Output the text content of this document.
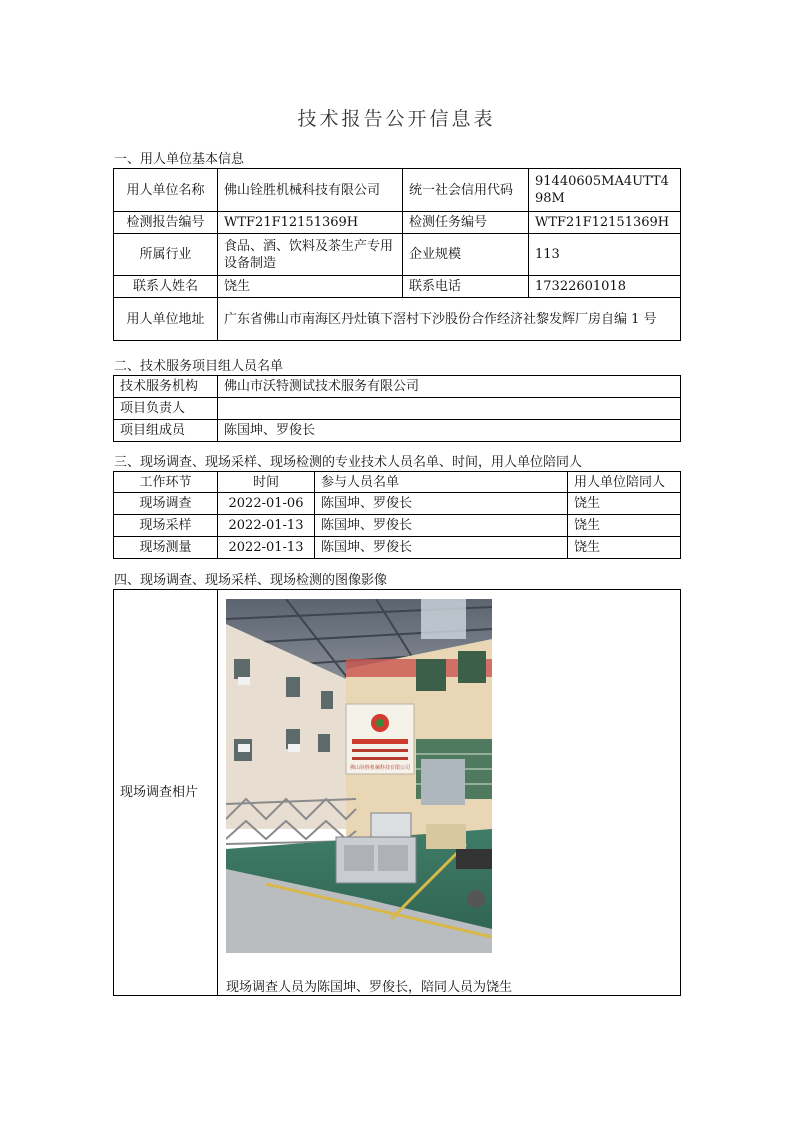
技术报告公开信息表
一、用人单位基本信息
用人单位名称	佛山铨胜机械科技有限公司	统一社会信用代码	91440605MA4UTT498M
检测报告编号	WTF21F12151369H	检测任务编号	WTF21F12151369H
所属行业	食品、酒、饮料及茶生产专用设备制造	企业规模	113
联系人姓名	饶生	联系电话	17322601018
用人单位地址	广东省佛山市南海区丹灶镇下滘村下沙股份合作经济社黎发辉厂房自编 1 号		
二、技术服务项目组人员名单
技术服务机构	佛山市沃特测试技术服务有限公司
项目负责人	
项目组成员	陈国坤、罗俊长
三、现场调查、现场采样、现场检测的专业技术人员名单、时间，用人单位陪同人
工作环节	时间	参与人员名单	用人单位陪同人
现场调查	2022-01-06	陈国坤、罗俊长	饶生
现场采样	2022-01-13	陈国坤、罗俊长	饶生
现场测量	2022-01-13	陈国坤、罗俊长	饶生
四、现场调查、现场采样、现场检测的图像影像
现场调查相片	
佛山铨胜机械科技有限公司
现场调查人员为陈国坤、罗俊长，陪同人员为饶生
